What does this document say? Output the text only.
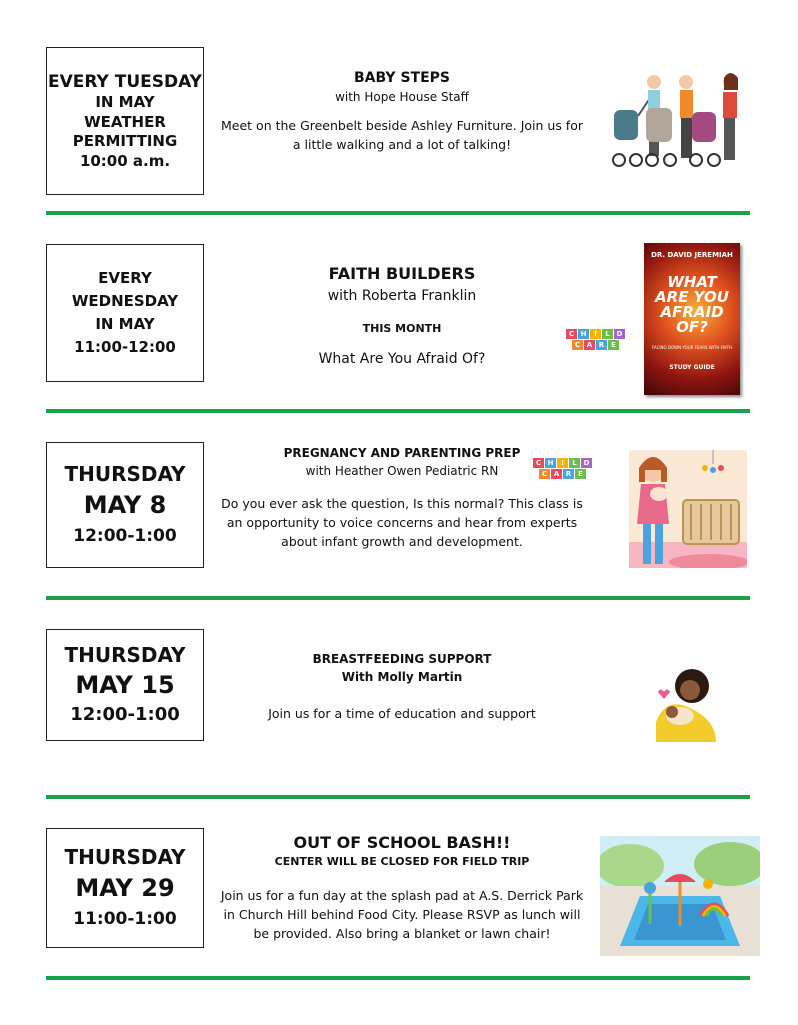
EVERY TUESDAY
IN MAY
WEATHER
PERMITTING
10:00 a.m.
BABY STEPS
with Hope House Staff
Meet on the Greenbelt beside Ashley Furniture. Join us for a little walking and a lot of talking!
EVERY
WEDNESDAY
IN MAY
11:00-12:00
FAITH BUILDERS
with Roberta Franklin
THIS MONTH
What Are You Afraid Of?
C H	I	L D
C A R E
DR. DAVID JEREMIAH
WHAT
ARE YOU
AFRAID
OF?
FACING DOWN YOUR FEARS WITH FAITH
STUDY GUIDE
THURSDAY
MAY 8
12:00-1:00
PREGNANCY AND PARENTING PREP
with Heather Owen Pediatric RN
Do you ever ask the question, Is this normal? This class is an opportunity to voice concerns and hear from experts about infant growth and development.
C H	I	L D
C A R E
THURSDAY
MAY 15
12:00-1:00
BREASTFEEDING SUPPORT
With Molly Martin
Join us for a time of education and support
THURSDAY
MAY 29
11:00-1:00
OUT OF SCHOOL BASH!!
CENTER WILL BE CLOSED FOR FIELD TRIP
Join us for a fun day at the splash pad at A.S. Derrick Park in Church Hill behind Food City. Please RSVP as lunch will be provided. Also bring a blanket or lawn chair!
